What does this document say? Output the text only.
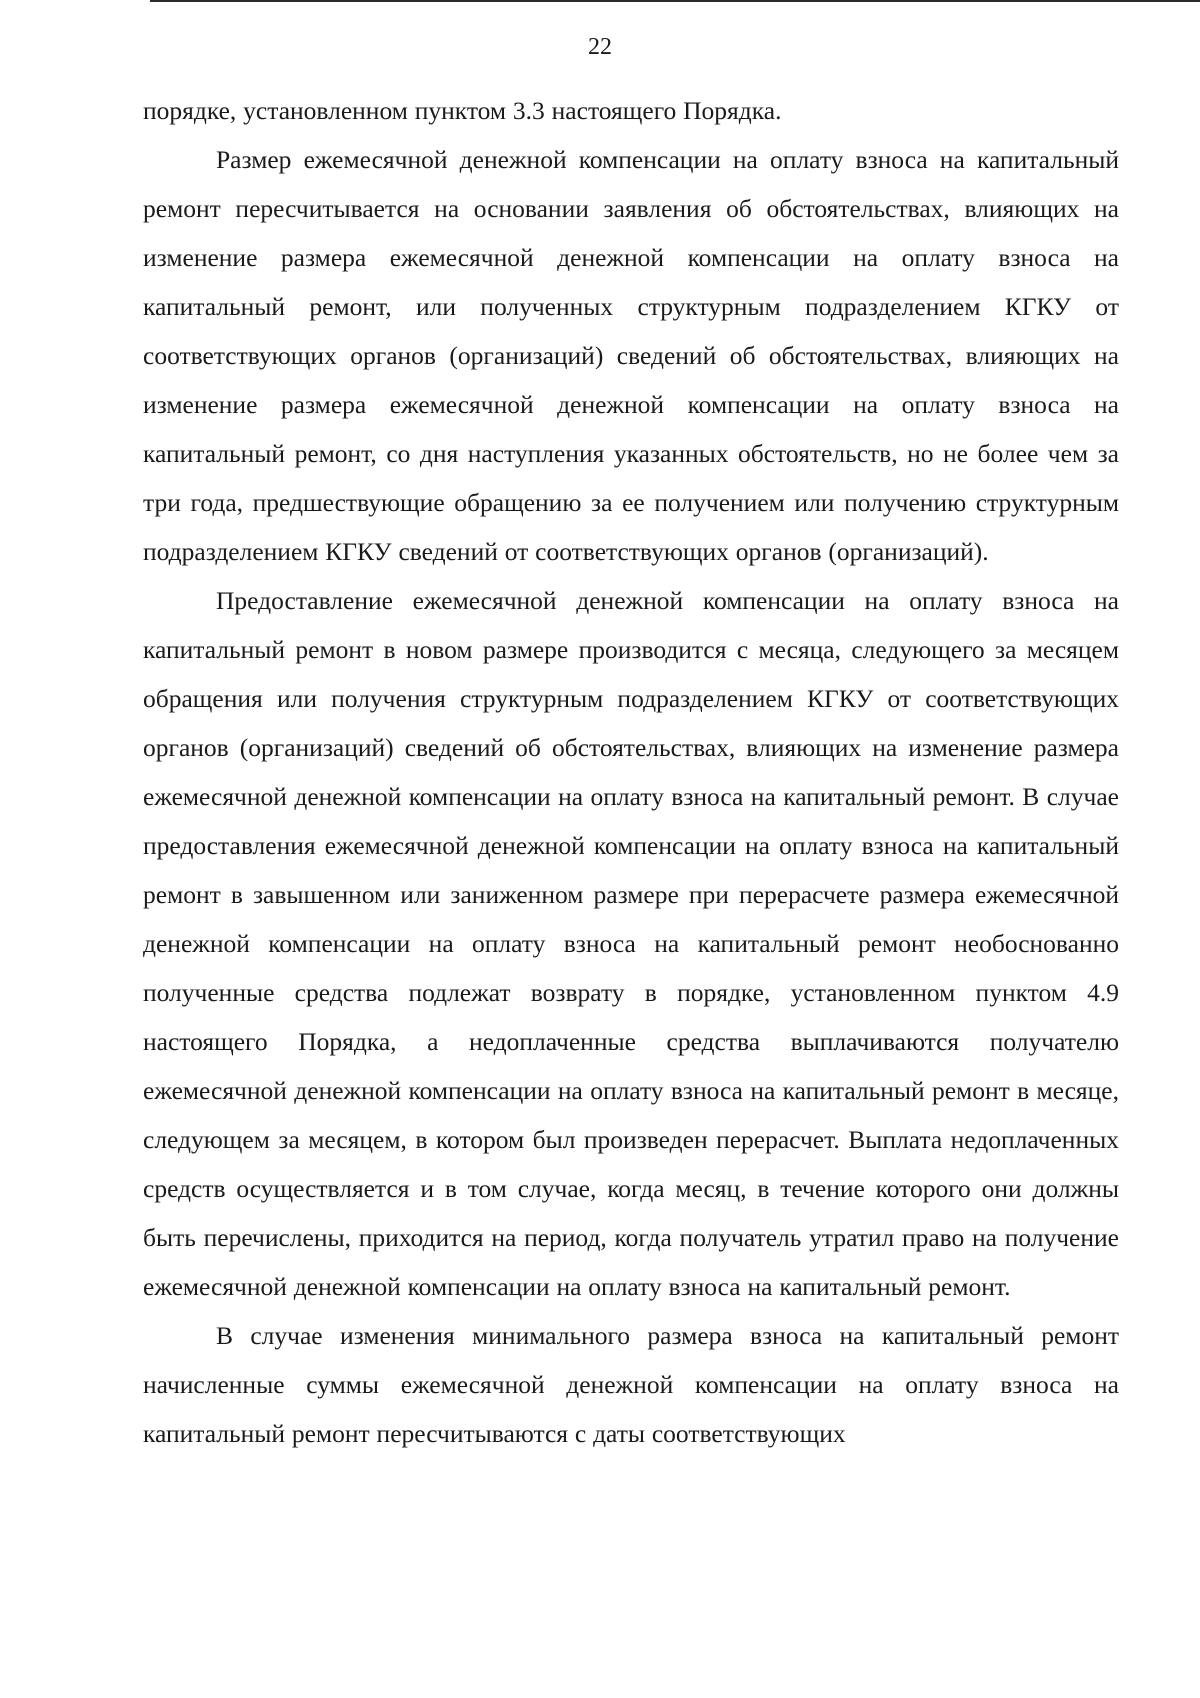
22

порядке, установленном пунктом 3.3 настоящего Порядка.

Размер ежемесячной денежной компенсации на оплату взноса на капитальный ремонт пересчитывается на основании заявления об обстоятельствах, влияющих на изменение размера ежемесячной денежной компенсации на оплату взноса на капитальный ремонт, или полученных структурным подразделением КГКУ от соответствующих органов (организаций) сведений об обстоятельствах, влияющих на изменение размера ежемесячной денежной компенсации на оплату взноса на капитальный ремонт, со дня наступления указанных обстоятельств, но не более чем за три года, предшествующие обращению за ее получением или получению структурным подразделением КГКУ сведений от соответствующих органов (организаций).

Предоставление ежемесячной денежной компенсации на оплату взноса на капитальный ремонт в новом размере производится с месяца, следующего за месяцем обращения или получения структурным подразделением КГКУ от соответствующих органов (организаций) сведений об обстоятельствах, влияющих на изменение размера ежемесячной денежной компенсации на оплату взноса на капитальный ремонт. В случае предоставления ежемесячной денежной компенсации на оплату взноса на капитальный ремонт в завышенном или заниженном размере при перерасчете размера ежемесячной денежной компенсации на оплату взноса на капитальный ремонт необоснованно полученные средства подлежат возврату в порядке, установленном пунктом 4.9 настоящего Порядка, а недоплаченные средства выплачиваются получателю ежемесячной денежной компенсации на оплату взноса на капитальный ремонт в месяце, следующем за месяцем, в котором был произведен перерасчет. Выплата недоплаченных средств осуществляется и в том случае, когда месяц, в течение которого они должны быть перечислены, приходится на период, когда получатель утратил право на получение ежемесячной денежной компенсации на оплату взноса на капитальный ремонт.

В случае изменения минимального размера взноса на капитальный ремонт начисленные суммы ежемесячной денежной компенсации на оплату взноса на капитальный ремонт пересчитываются с даты соответствующих
